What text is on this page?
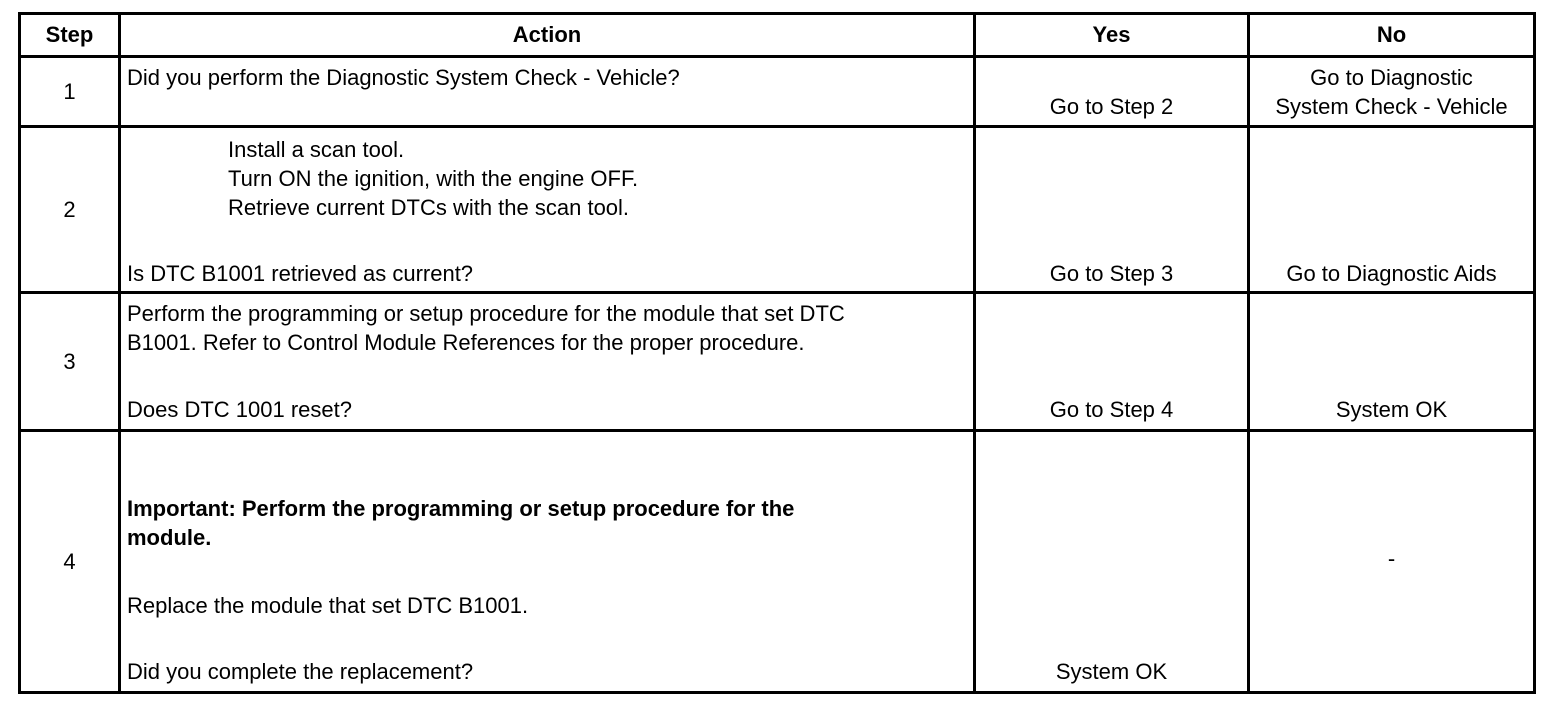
Step	Action	Yes	No
1	Did you perform the Diagnostic System Check - Vehicle?	Go to Step 2	Go to Diagnostic
System Check - Vehicle

2	Install a scan tool.
Turn ON the ignition, with the engine OFF.
Retrieve current DTCs with the scan tool.
Is DTC B1001 retrieved as current?	Go to Step 3	Go to Diagnostic Aids

3	Perform the programming or setup procedure for the module that set DTC
B1001. Refer to Control Module References for the proper procedure.
Does DTC 1001 reset?	Go to Step 4	System OK

4	Important: Perform the programming or setup procedure for the
module.
Replace the module that set DTC B1001.
Did you complete the replacement?	System OK	-
